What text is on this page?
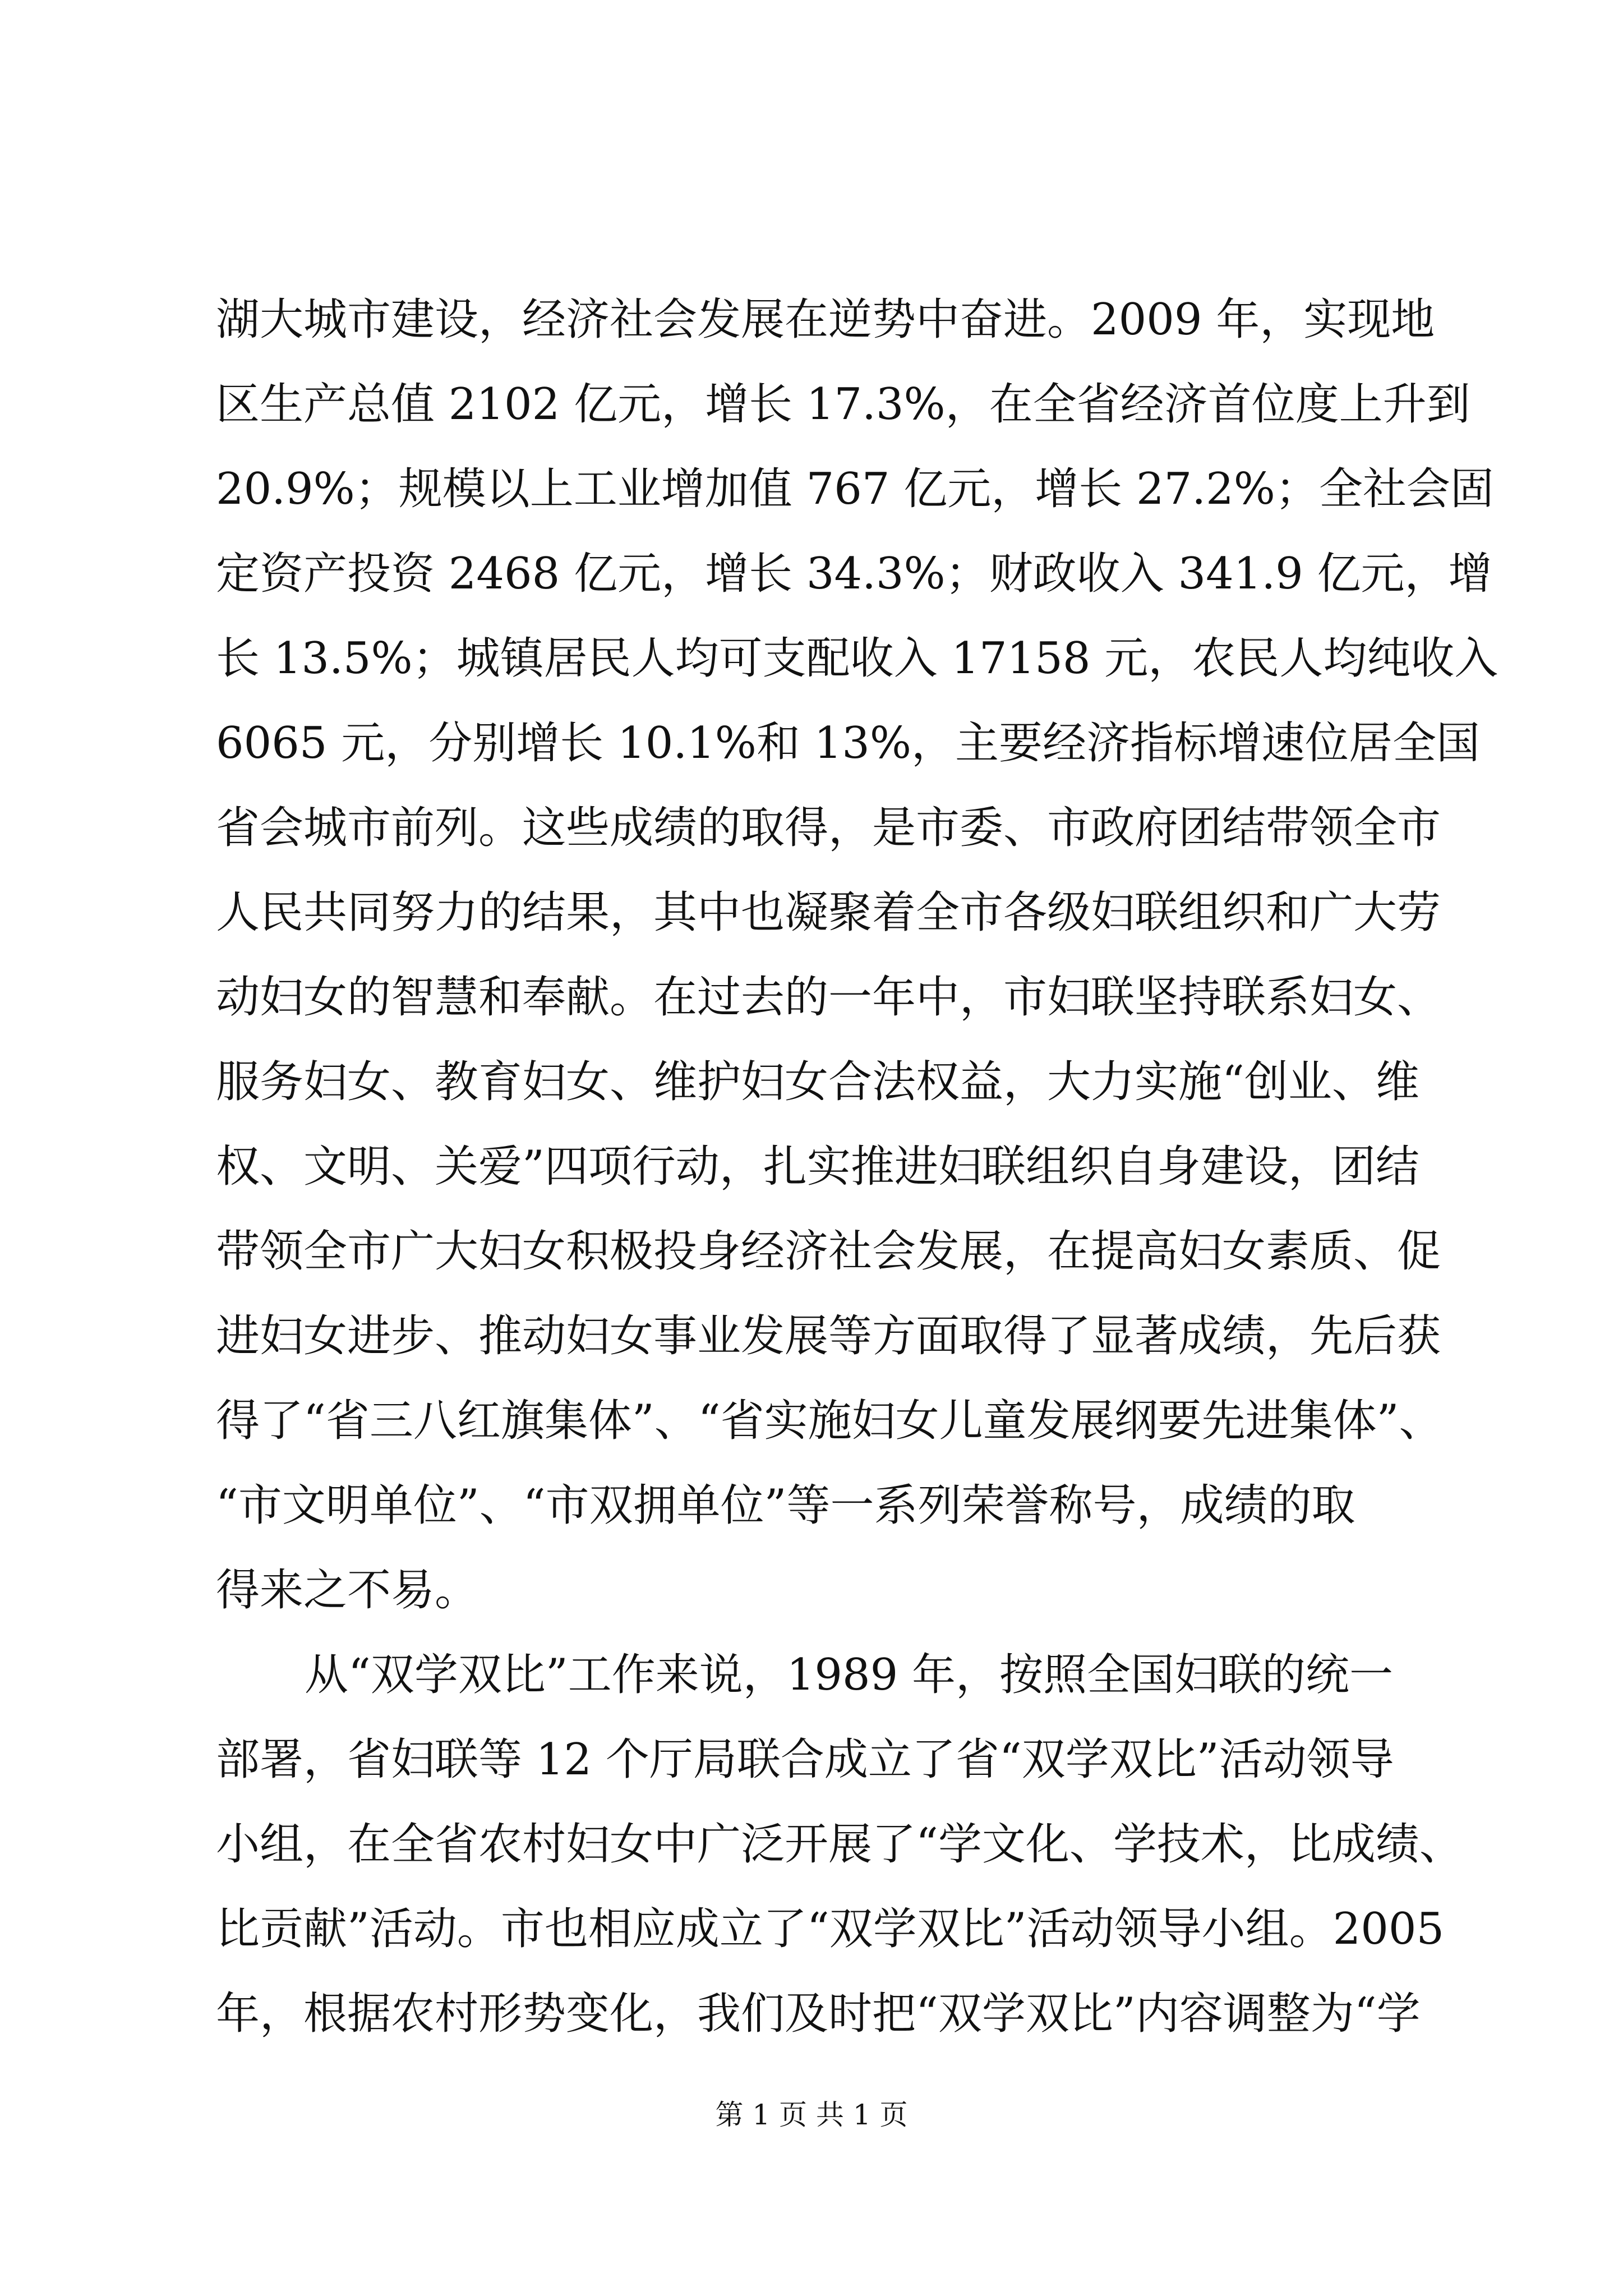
湖大城市建设，经济社会发展在逆势中奋进。2009 年，实现地
区生产总值 2102 亿元，增长 17.3%，在全省经济首位度上升到
20.9%；规模以上工业增加值 767 亿元，增长 27.2%；全社会固
定资产投资 2468 亿元，增长 34.3%；财政收入 341.9 亿元，增
长 13.5%；城镇居民人均可支配收入 17158 元，农民人均纯收入
6065 元，分别增长 10.1%和 13%，主要经济指标增速位居全国
省会城市前列。这些成绩的取得，是市委、市政府团结带领全市
人民共同努力的结果，其中也凝聚着全市各级妇联组织和广大劳
动妇女的智慧和奉献。在过去的一年中，市妇联坚持联系妇女、
服务妇女、教育妇女、维护妇女合法权益，大力实施“创业、维
权、文明、关爱”四项行动，扎实推进妇联组织自身建设，团结
带领全市广大妇女积极投身经济社会发展，在提高妇女素质、促
进妇女进步、推动妇女事业发展等方面取得了显著成绩，先后获
得了“省三八红旗集体”、“省实施妇女儿童发展纲要先进集体”、
“市文明单位”、“市双拥单位”等一系列荣誉称号，成绩的取
得来之不易。
从“双学双比”工作来说，1989 年，按照全国妇联的统一
部署，省妇联等 12 个厅局联合成立了省“双学双比”活动领导
小组，在全省农村妇女中广泛开展了“学文化、学技术，比成绩、
比贡献”活动。市也相应成立了“双学双比”活动领导小组。2005
年，根据农村形势变化，我们及时把“双学双比”内容调整为“学
第 1 页 共 1 页
